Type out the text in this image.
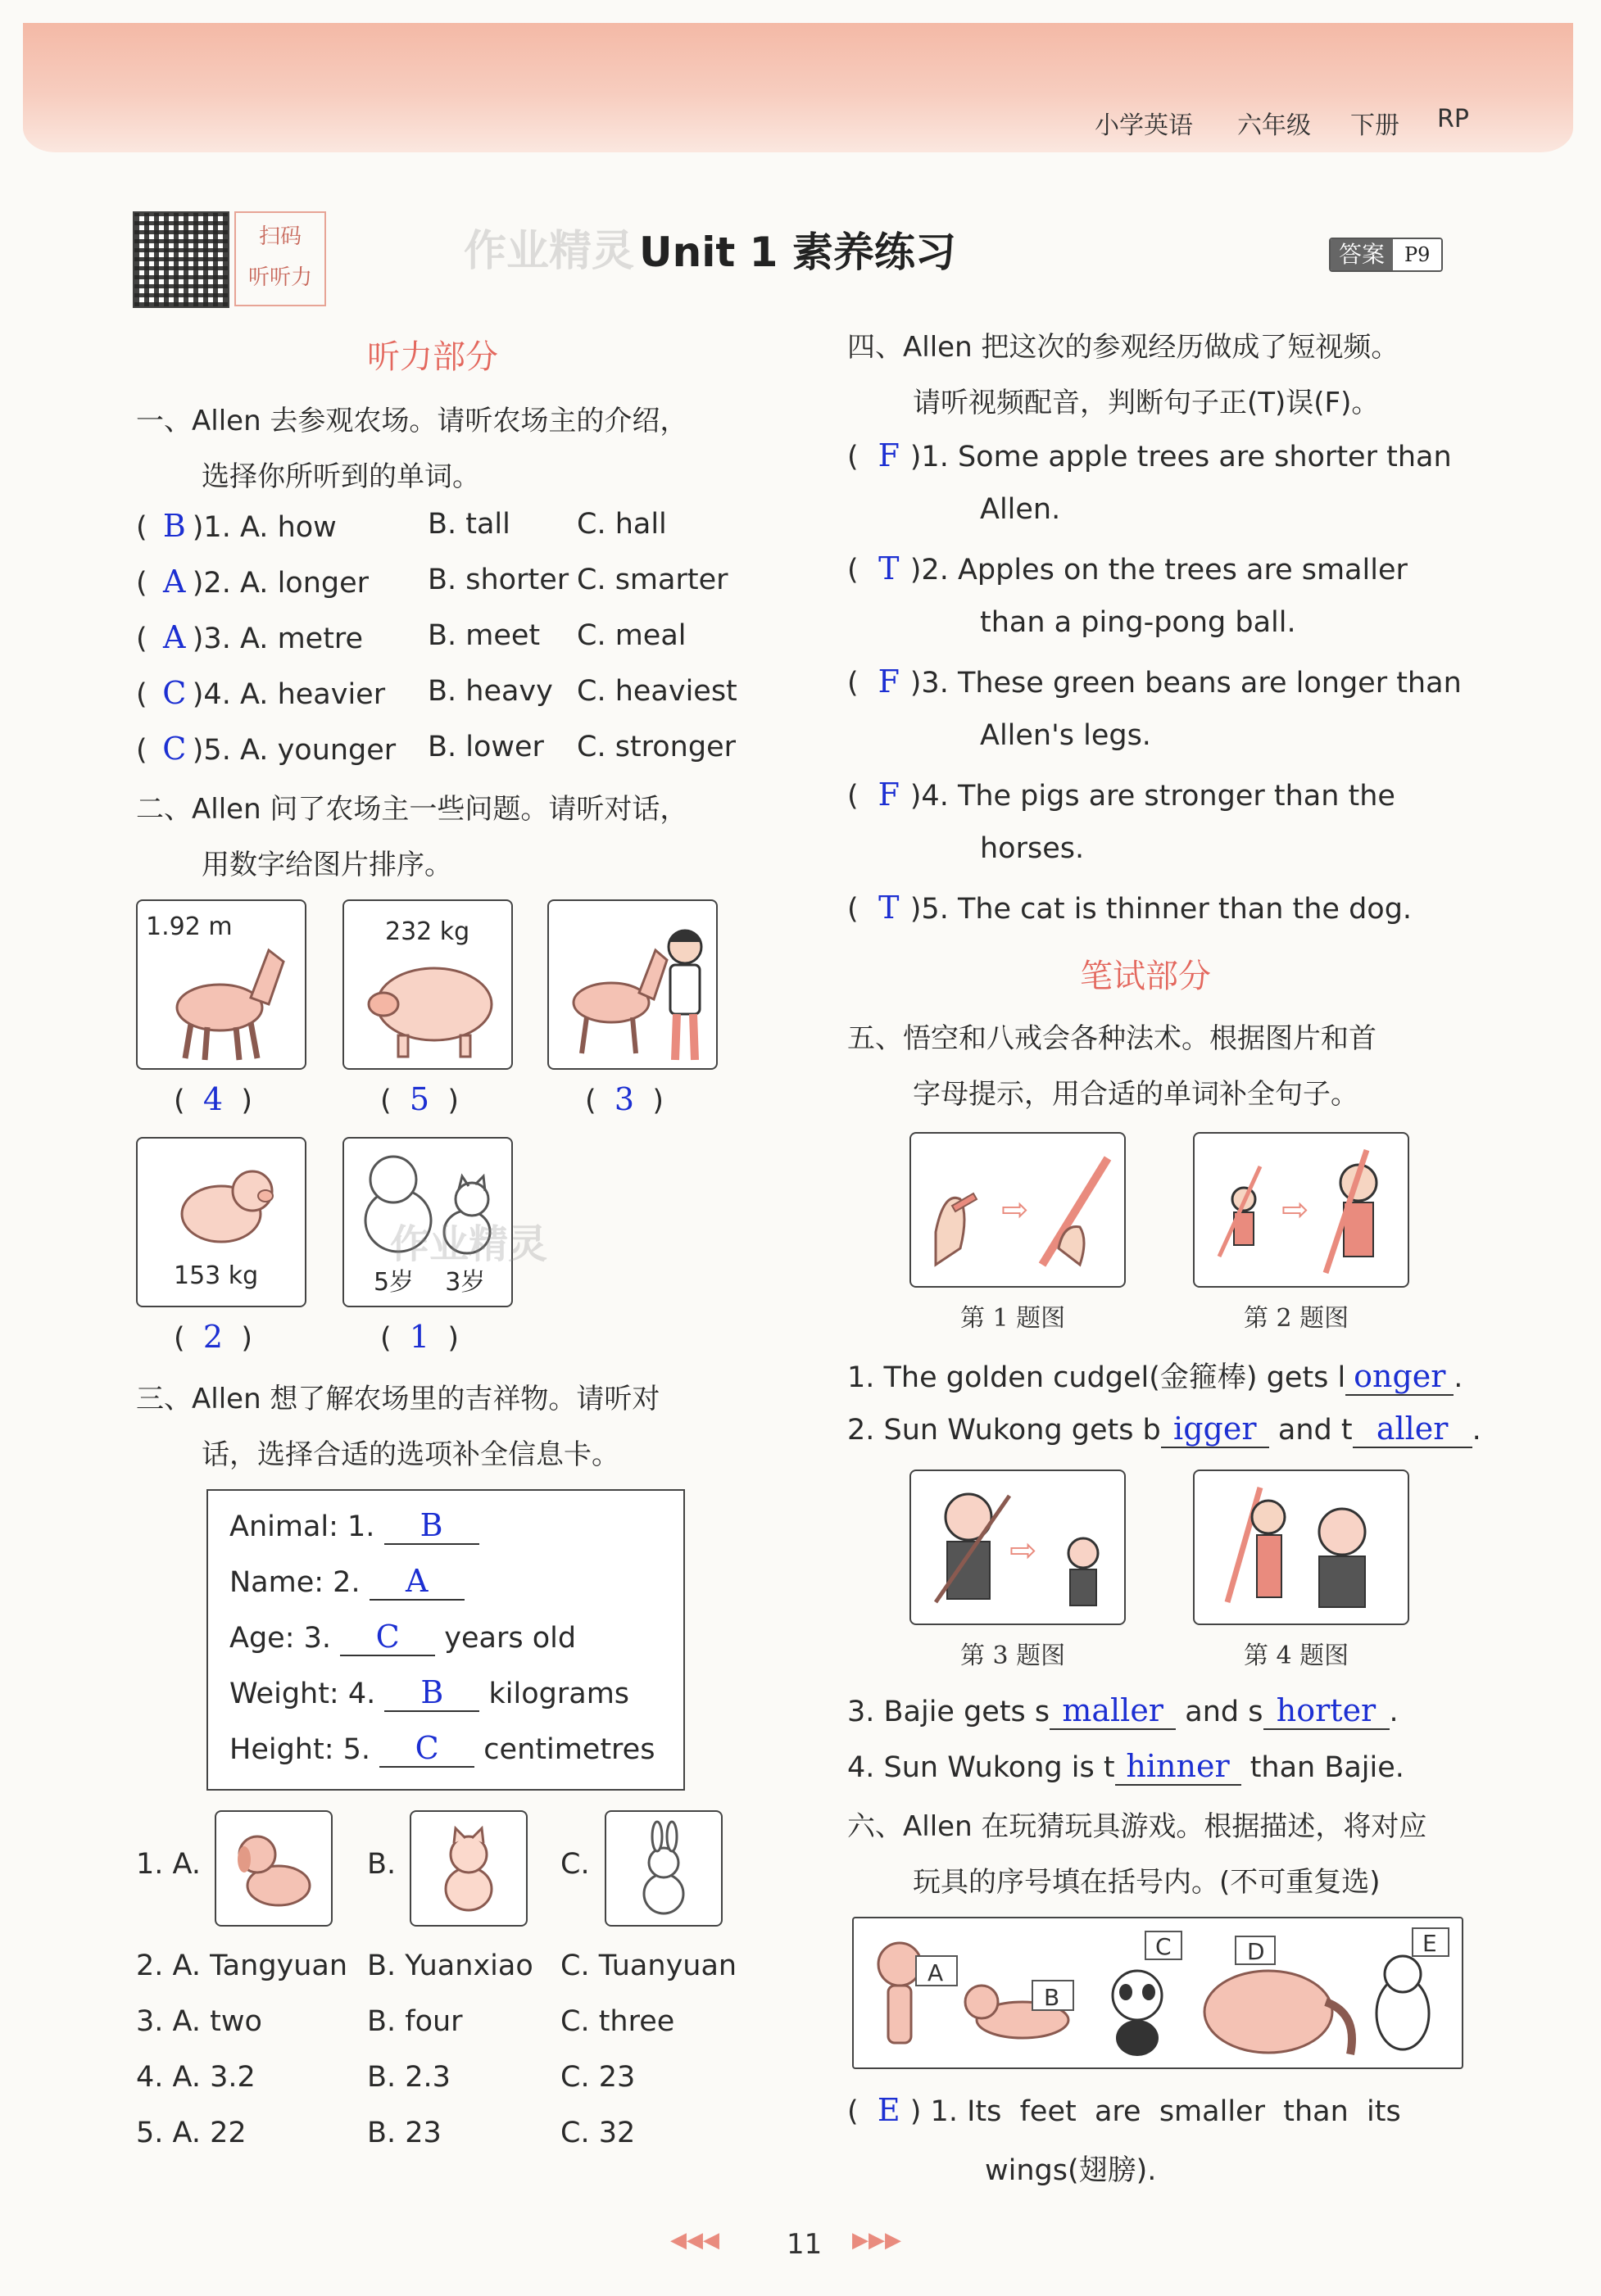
小学英语 六年级 下册 RP
扫码
听听力
作业精灵 Unit 1 素养练习	答案	P9
听力部分
一、Allen 去参观农场。请听农场主的介绍，
选择你所听到的单词。
( B )1. A. how	B. tall C. hall
( A )2. A. longer B. shorter C. smarter
( A )3. A. metre B. meet C. meal
( C )4. A. heavier B. heavy C. heaviest
( C )5. A. younger B. lower C. stronger
二、Allen 问了农场主一些问题。请听对话，
用数字给图片排序。
1.92 m	232 kg
(  4  )	(  5  )	(  3  )
153 kg	5岁    3岁
作业精灵
(  2  )	(  1  )
三、Allen 想了解农场里的吉祥物。请听对
话，选择合适的选项补全信息卡。
Animal: 1. B
Name: 2. A
Age: 3. C years old
Weight: 4. B kilograms
Height: 5. C centimetres
1. A.	B.	C.
2. A. Tangyuan B. Yuanxiao C. Tuanyuan
3. A. two	B. four	C. three
4. A. 3.2	B. 2.3	C. 23
5. A. 22	B. 23	C. 32
四、Allen 把这次的参观经历做成了短视频。
请听视频配音，判断句子正(T)误(F)。
( F )1. Some apple trees are shorter than
Allen.
( T )2. Apples on the trees are smaller
than a ping-pong ball.
( F )3. These green beans are longer than
Allen's legs.
( F )4. The pigs are stronger than the
horses.
( T )5. The cat is thinner than the dog.
笔试部分
五、悟空和八戒会各种法术。根据图片和首
字母提示，用合适的单词补全句子。
⇨	⇨
第 1 题图	第 2 题图
1. The golden cudgel(金箍棒) gets l onger .
2. Sun Wukong gets b igger and t aller .
⇨
第 3 题图	第 4 题图
3. Bajie gets s maller and s horter .
4. Sun Wukong is t hinner than Bajie.
六、Allen 在玩猜玩具游戏。根据描述，将对应
玩具的序号填在括号内。(不可重复选)
A
B
C	D	E
( E ) 1. Its  feet  are  smaller  than  its
wings(翅膀).
◀◀◀ 11 ▶▶▶
